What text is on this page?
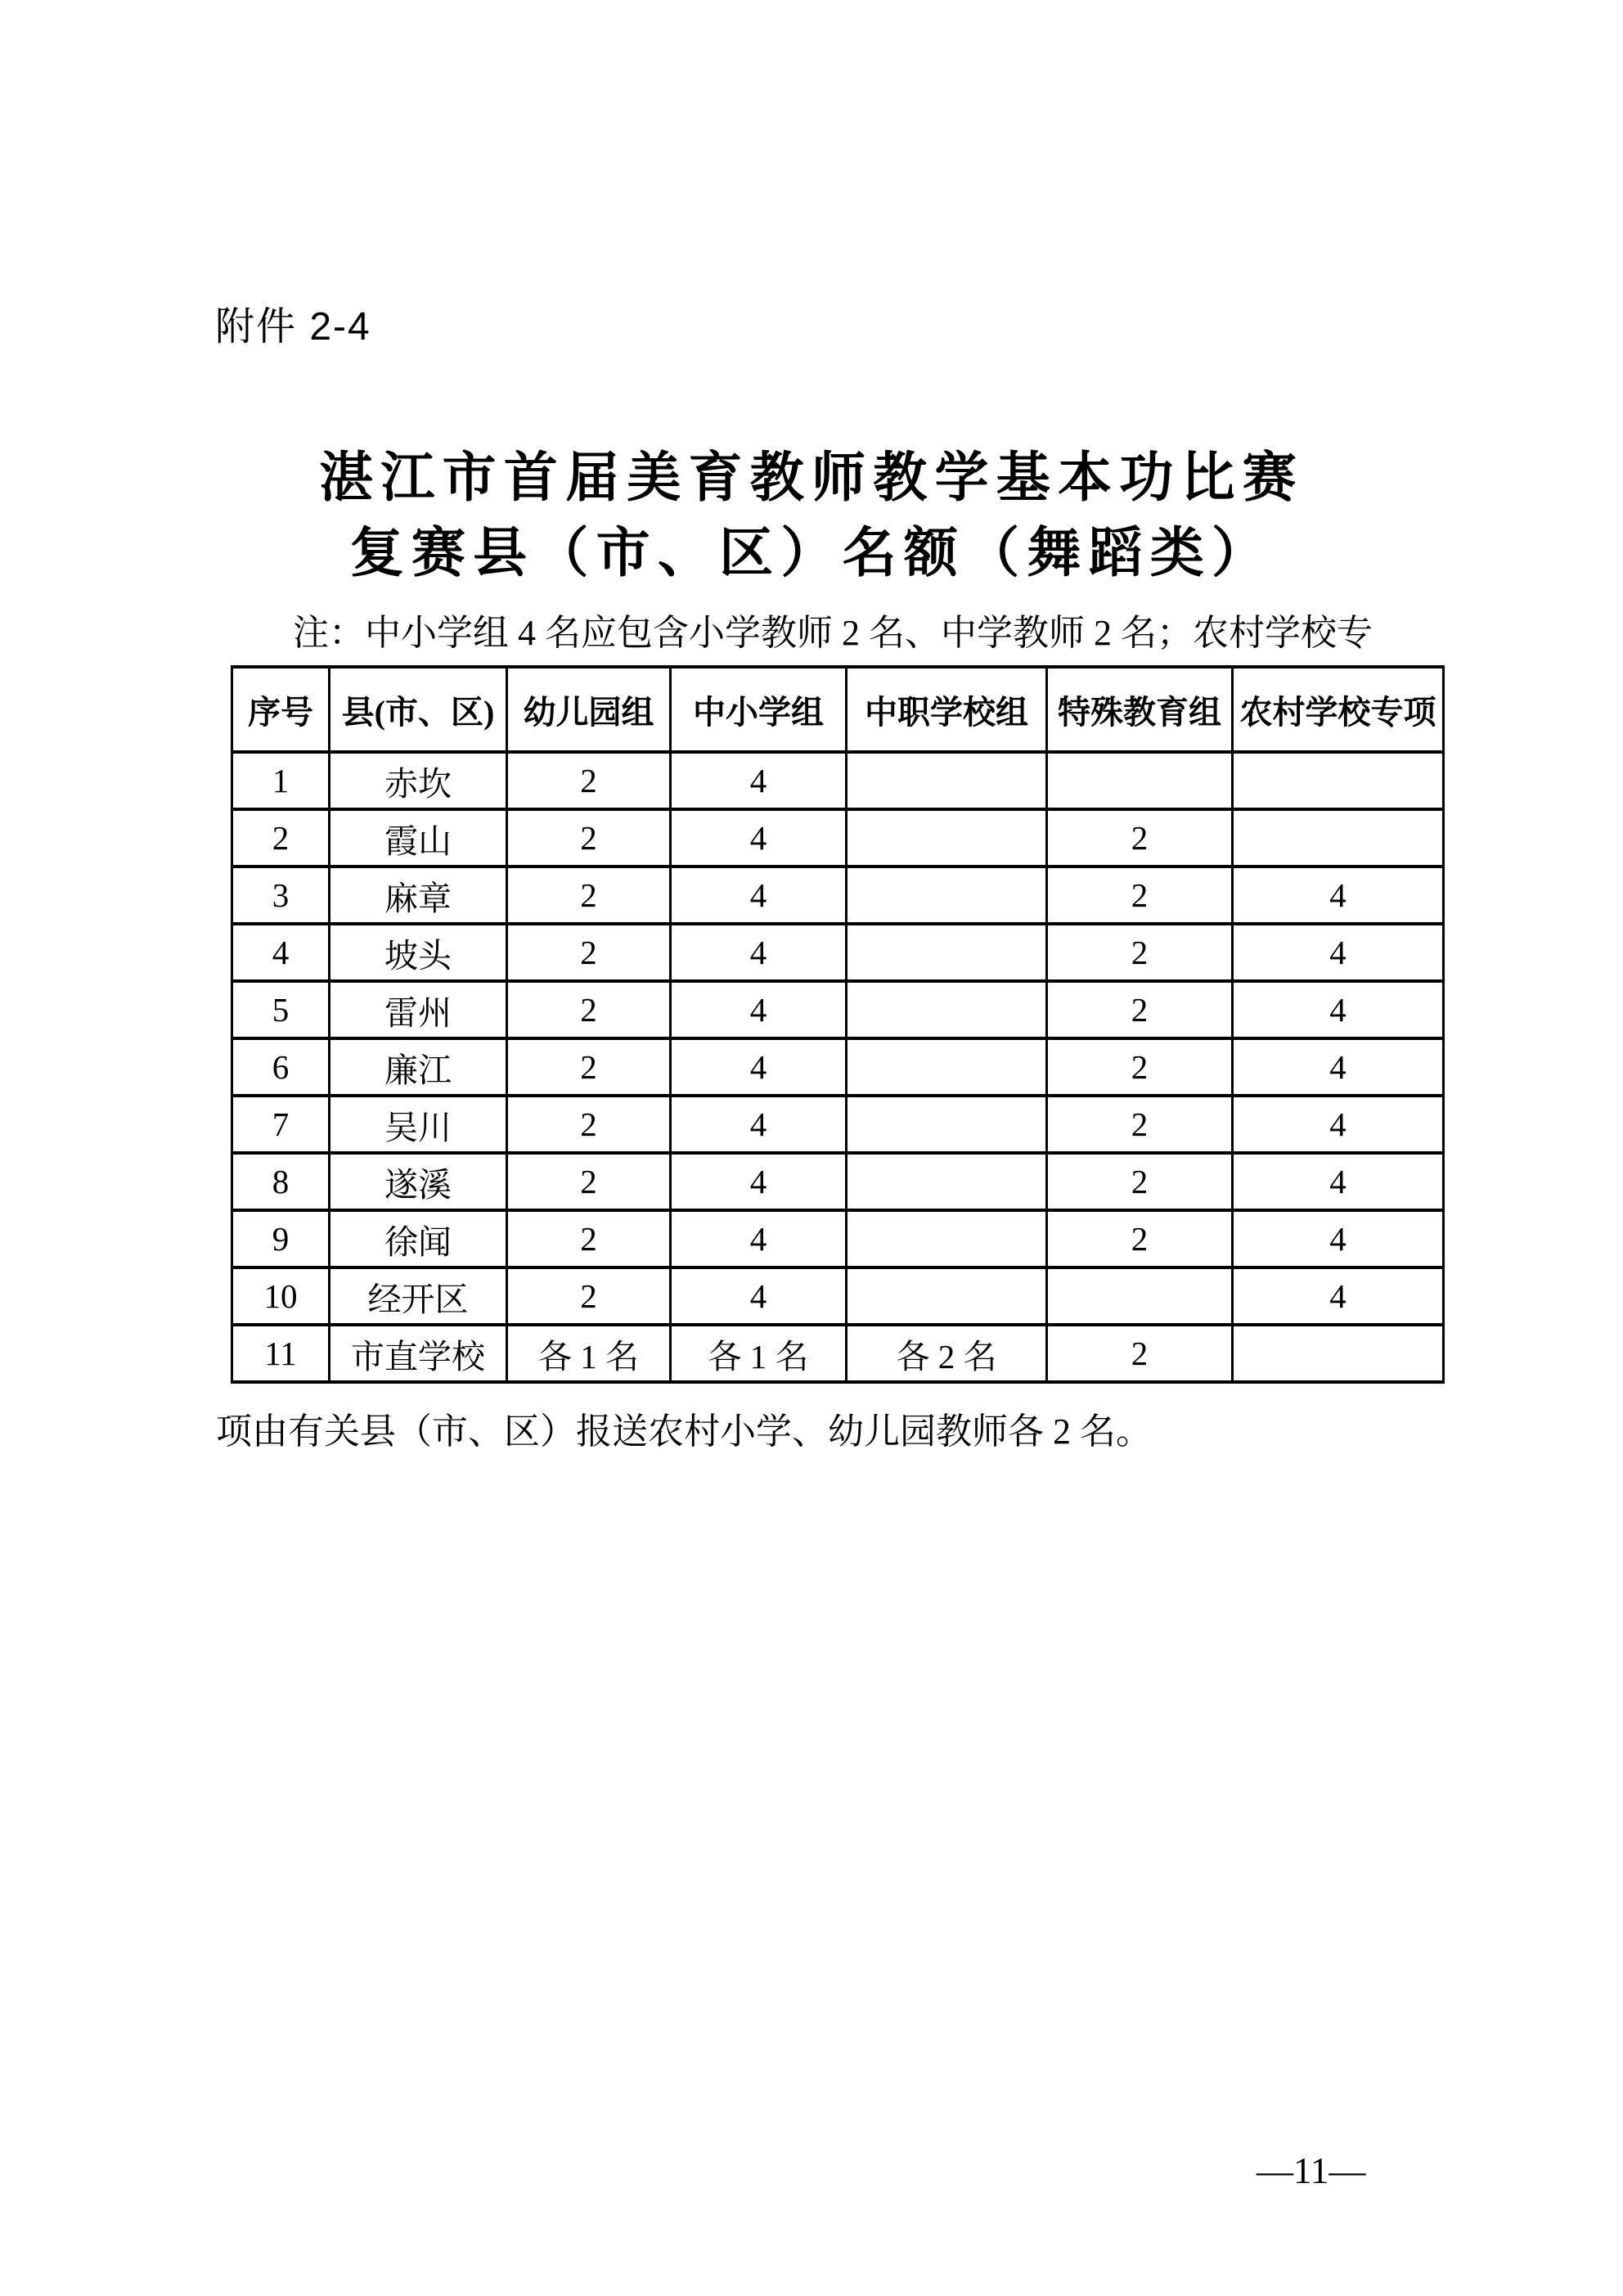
附件 2-4
湛江市首届美育教师教学基本功比赛
复赛县（市、区）名额（舞蹈类）
注：中小学组 4 名应包含小学教师 2 名、中学教师 2 名；农村学校专
序号	县(市、区)	幼儿园组	中小学组	中职学校组	特殊教育组	农村学校专项
1	赤坎	2	4			
2	霞山	2	4		2	
3	麻章	2	4		2	4
4	坡头	2	4		2	4
5	雷州	2	4		2	4
6	廉江	2	4		2	4
7	吴川	2	4		2	4
8	遂溪	2	4		2	4
9	徐闻	2	4		2	4
10	经开区	2	4			4
11	市直学校	各 1 名	各 1 名	各 2 名	2	
项由有关县（市、区）报送农村小学、幼儿园教师各 2 名。
—11—
